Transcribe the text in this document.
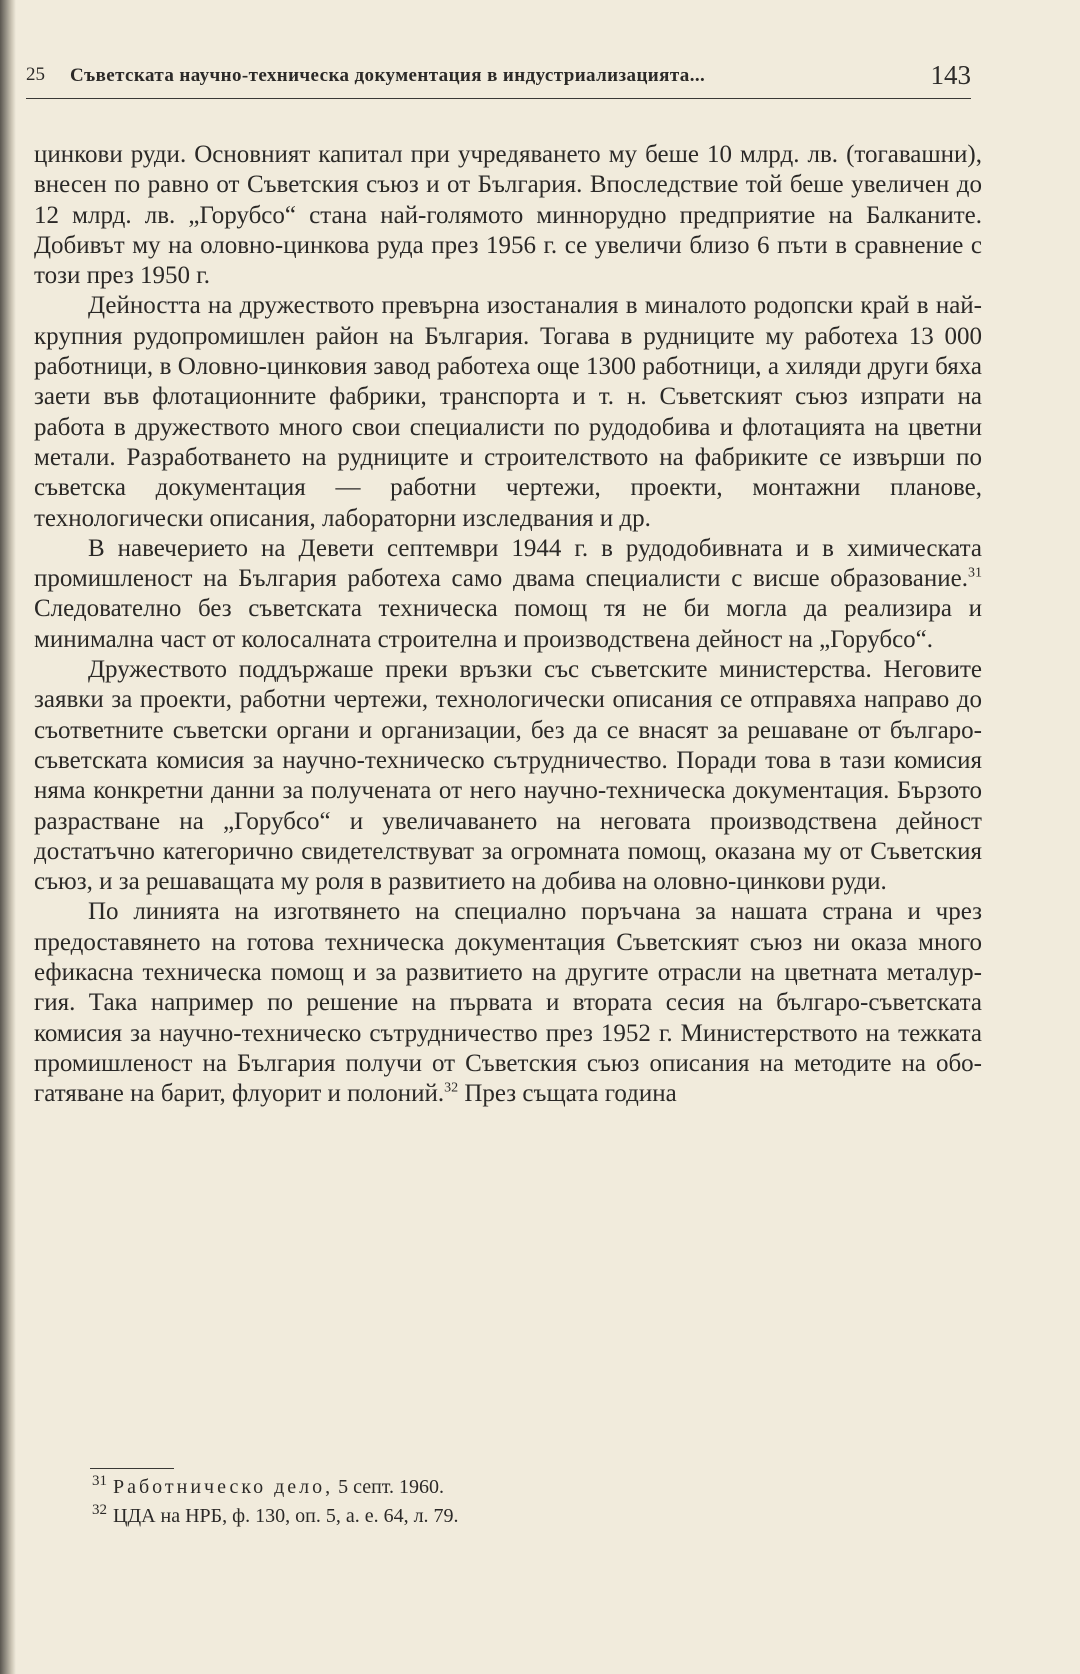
25 Съветската научно-техническа документация в индустриализацията...	143

цинкови руди. Основният капитал при учредяването му беше 10 млрд. лв. (тогавашни), внесен по равно от Съветския съюз и от България. Впоследствие той беше увеличен до 12 млрд. лв. „Горубсо“ стана най-голямото миннорудно предприятие на Балканите. Добивът му на оловно-цинкова руда през 1956 г. се увеличи близо 6 пъти в сравнение с този през 1950 г.

Дейността на дружеството превърна изостаналия в миналото родопски край в най-крупния рудопромишлен район на България. Тогава в рудниците му работеха 13 000 работници, в Оловно-цинковия завод работеха още 1300 работници, а хиляди други бяха заети във флотационните фабрики, транспорта и т. н. Съветският съюз изпрати на работа в дружеството много свои специалисти по рудодобива и флотацията на цветни метали. Разработването на рудниците и строителството на фабриките се извърши по съветска документация — работни чертежи, проекти, монтажни планове, технологически описания, лабораторни изследвания и др.

В навечерието на Девети септември 1944 г. в рудодобивната и в химическата промишленост на България работеха само двама специалисти с висше образование.$^{31}$ Следователно без съветската техническа помощ тя не би могла да реализира и минимална част от колосалната строителна и производствена дейност на „Горубсо“.

Дружеството поддържаше преки връзки със съветските министерства. Неговите заявки за проекти, работни чертежи, технологически описания се отправяха направо до съответните съветски органи и организации, без да се внасят за решаване от българо-съветската комисия за научно-техническо сътрудничество. Поради това в тази комисия няма конкретни данни за получената от него научно-техническа документация. Бързото разрастване на „Горубсо“ и увеличаването на неговата производствена дейност достатъчно категорично свидетелствуват за огромната помощ, оказана му от Съветския съюз, и за решаващата му роля в развитието на добива на оловно-цинкови руди.

По линията на изготвянето на специално поръчана за нашата страна и чрез предоставянето на готова техническа документация Съветският съюз ни оказа много ефикасна техническа помощ и за развитието на другите отрасли на цветната металургия. Така например по решение на първата и втората сесия на българо-съветската комисия за научно-техническо сътрудничество през 1952 г. Министерството на тежката промишленост на България получи от Съветския съюз описания на методите на обогатяване на барит, флуорит и полоний.$^{32}$ През същата година

$^{31}$ Работническо дело, 5 септ. 1960.
$^{32}$ ЦДА на НРБ, ф. 130, оп. 5, а. е. 64, л. 79.
